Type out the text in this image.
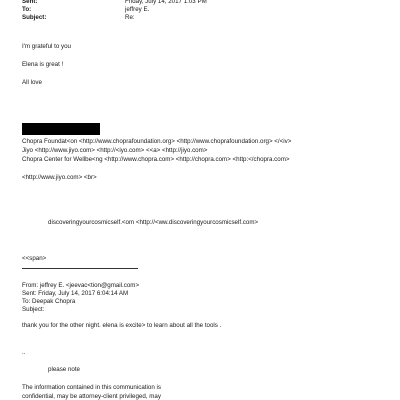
Sent:	Friday, July 14, 2017 1:03 PM
To:	jeffrey E.
Subject:	Re:
I'm grateful to you
Elena is great !
All love
Chopra Foundat<on <http://www.choprafoundation.org> <http://www.choprafoundation.org> </<iv>
Jiyo <http://www.jiyo.com> <http://<iyo.com> <<a> <http://jiyo.com>
Chopra Center for Wellbe<ng <http://www.chopra.com> <http://chopra.com> <http:</chopra.com>
<http://www.jiyo.com> <br>
discoveringyourcosmicself.<om <http://<ww.discoveringyourcosmicself.com>
<<span>
From: jeffrey E. <jeevac<tion@gmail.com>
Sent: Friday, July 14, 2017 6:04:14 AM
To: Deepak Chopra
Subject:
thank you for the other night. elena is excite> to learn about all the tools .
..
please note
The information contained in this communication is
confidential, may be attorney-client privileged, may
